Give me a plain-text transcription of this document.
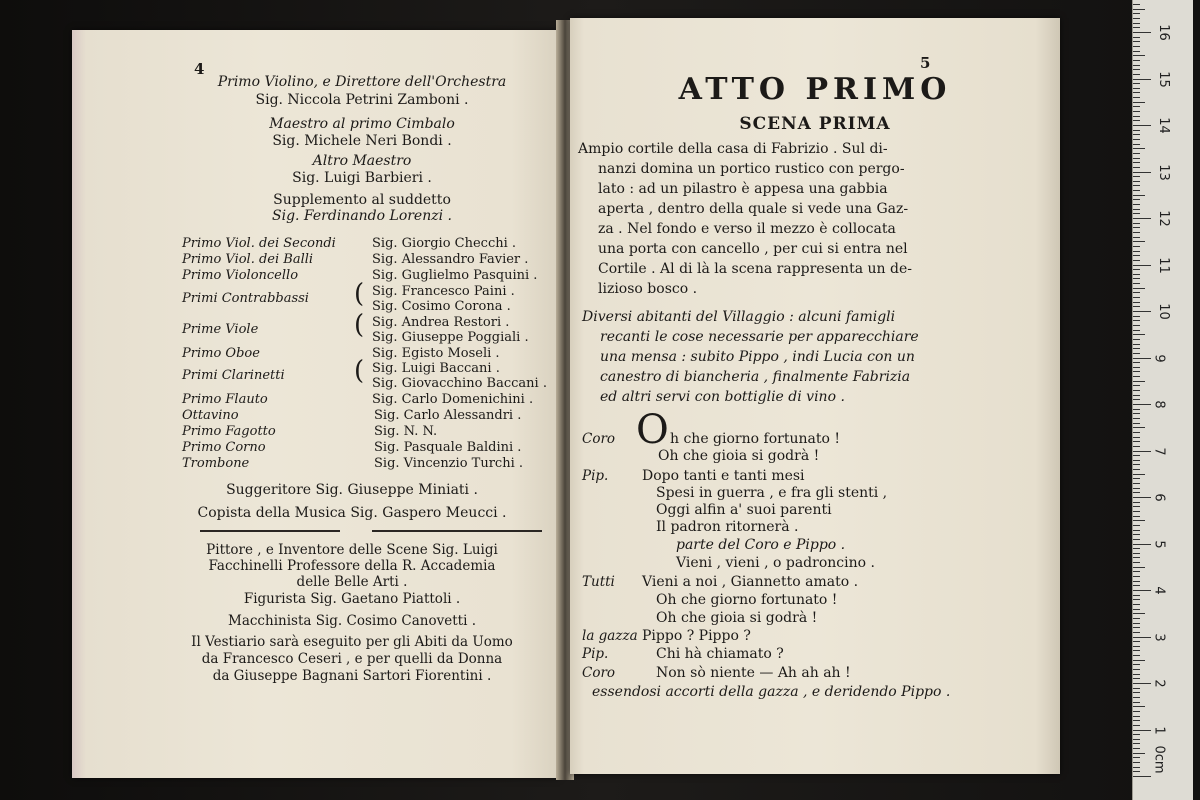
4
Primo Violino, e Direttore dell'Orchestra
Sig. Niccola Petrini Zamboni .
Maestro al primo Cimbalo
Sig. Michele Neri Bondi .
Altro Maestro
Sig. Luigi Barbieri .
Supplemento al suddetto
Sig. Ferdinando Lorenzi .
Primo Viol. dei Secondi	Sig. Giorgio Checchi .
Primo Viol. dei Balli	Sig. Alessandro Favier .
Primo Violoncello	Sig. Guglielmo Pasquini .
Primi Contrabbassi ( Sig. Francesco Paini .
Sig. Cosimo Corona .
Prime Viole	( Sig. Andrea Restori .
Sig. Giuseppe Poggiali .
Primo Oboe	Sig. Egisto Moseli .
Primi Clarinetti	( Sig. Luigi Baccani .
Sig. Giovacchino Baccani .
Primo Flauto	Sig. Carlo Domenichini .
Ottavino	Sig. Carlo Alessandri .
Primo Fagotto	Sig. N. N.
Primo Corno	Sig. Pasquale Baldini .
Trombone	Sig. Vincenzio Turchi .
Suggeritore Sig. Giuseppe Miniati .
Copista della Musica Sig. Gaspero Meucci .
Pittore , e Inventore delle Scene Sig. Luigi
Facchinelli Professore della R. Accademia
delle Belle Arti .
Figurista Sig. Gaetano Piattoli .
Macchinista Sig. Cosimo Canovetti .
Il Vestiario sarà eseguito per gli Abiti da Uomo
da Francesco Ceseri , e per quelli da Donna
da Giuseppe Bagnani Sartori Fiorentini .
5
ATTO PRIMO
SCENA PRIMA
Ampio cortile della casa di Fabrizio . Sul di-
nanzi domina un portico rustico con pergo-
lato : ad un pilastro è appesa una gabbia
aperta , dentro della quale si vede una Gaz-
za . Nel fondo e verso il mezzo è collocata
una porta con cancello , per cui si entra nel
Cortile . Al di là la scena rappresenta un de-
lizioso bosco .
Diversi abitanti del Villaggio : alcuni famigli
recanti le cose necessarie per apparecchiare
una mensa : subito Pippo , indi Lucia con un
canestro di biancheria , finalmente Fabrizia
ed altri servi con bottiglie di vino .
Coro O h che giorno fortunato !
Oh che gioia si godrà !
Pip. Dopo tanti e tanti mesi
Spesi in guerra , e fra gli stenti ,
Oggi alfin a' suoi parenti
Il padron ritornerà .
parte del Coro e Pippo .
Vieni , vieni , o padroncino .
Tutti Vieni a noi , Giannetto amato .
Oh che giorno fortunato !
Oh che gioia si godrà !
la gazza Pippo ? Pippo ?
Pip.	Chi hà chiamato ?
Coro	Non sò niente — Ah ah ah !
essendosi accorti della gazza , e deridendo Pippo .
0cm
16
15
14
13
12
11
10
9
8
7
6
5
4
3
2
1
